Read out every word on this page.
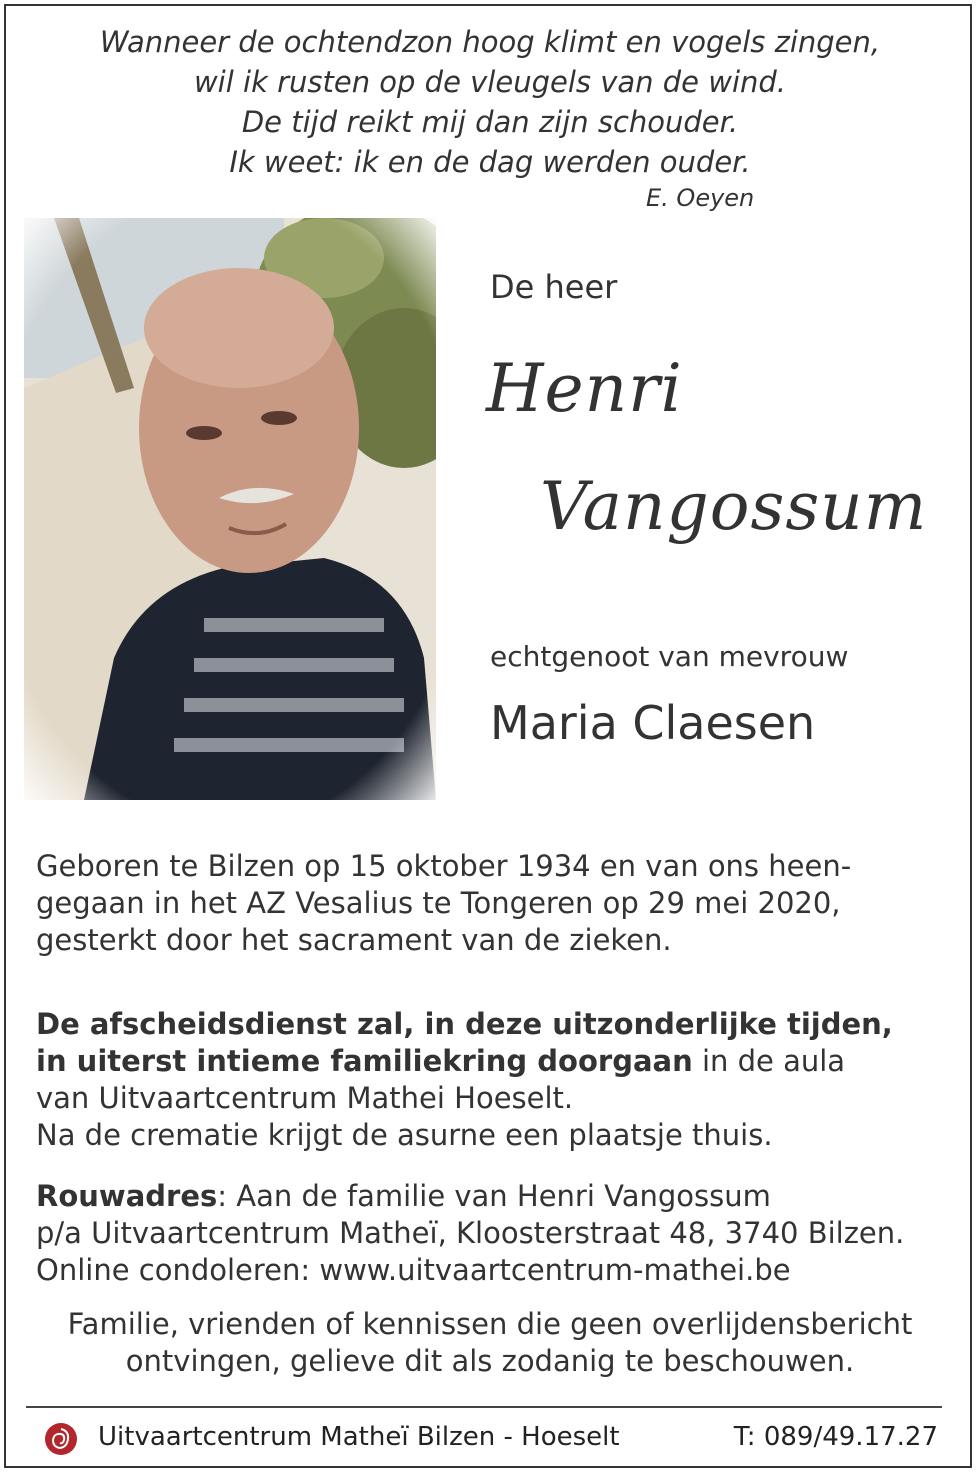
Wanneer de ochtendzon hoog klimt en vogels zingen,
wil ik rusten op de vleugels van de wind.
De tijd reikt mij dan zijn schouder.
Ik weet: ik en de dag werden ouder.
E. Oeyen
De heer
Henri
Vangossum
echtgenoot van mevrouw
Maria Claesen
Geboren te Bilzen op 15 oktober 1934 en van ons heen-
gegaan in het AZ Vesalius te Tongeren op 29 mei 2020,
gesterkt door het sacrament van de zieken.
De afscheidsdienst zal, in deze uitzonderlijke tijden,
in uiterst intieme familiekring doorgaan in de aula
van Uitvaartcentrum Mathei Hoeselt.
Na de crematie krijgt de asurne een plaatsje thuis.
Rouwadres: Aan de familie van Henri Vangossum
p/a Uitvaartcentrum Matheï, Kloosterstraat 48, 3740 Bilzen.
Online condoleren: www.uitvaartcentrum-mathei.be
Familie, vrienden of kennissen die geen overlijdensbericht
ontvingen, gelieve dit als zodanig te beschouwen.
Uitvaartcentrum Matheï Bilzen - Hoeselt	T: 089/49.17.27
